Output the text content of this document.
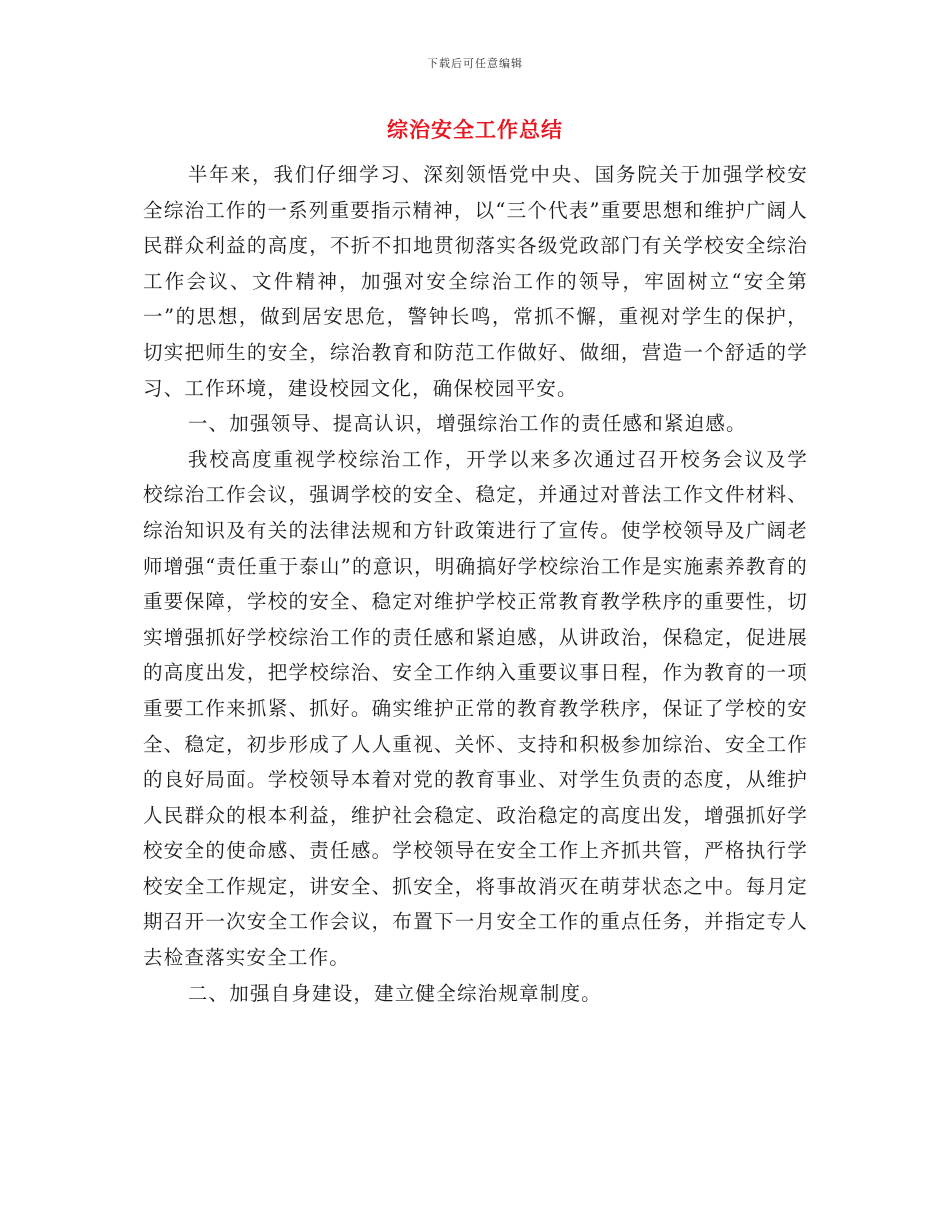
下载后可任意编辑
综治安全工作总结

半年来，我们仔细学习、深刻领悟党中央、国务院关于加强学校安全综治工作的一系列重要指示精神，以“三个代表”重要思想和维护广阔人民群众利益的高度，不折不扣地贯彻落实各级党政部门有关学校安全综治工作会议、文件精神，加强对安全综治工作的领导，牢固树立“安全第一”的思想，做到居安思危，警钟长鸣，常抓不懈，重视对学生的保护，切实把师生的安全，综治教育和防范工作做好、做细，营造一个舒适的学习、工作环境，建设校园文化，确保校园平安。

一、加强领导、提高认识，增强综治工作的责任感和紧迫感。

我校高度重视学校综治工作，开学以来多次通过召开校务会议及学校综治工作会议，强调学校的安全、稳定，并通过对普法工作文件材料、综治知识及有关的法律法规和方针政策进行了宣传。使学校领导及广阔老师增强“责任重于泰山”的意识，明确搞好学校综治工作是实施素养教育的重要保障，学校的安全、稳定对维护学校正常教育教学秩序的重要性，切实增强抓好学校综治工作的责任感和紧迫感，从讲政治，保稳定，促进展的高度出发，把学校综治、安全工作纳入重要议事日程，作为教育的一项重要工作来抓紧、抓好。确实维护正常的教育教学秩序，保证了学校的安全、稳定，初步形成了人人重视、关怀、支持和积极参加综治、安全工作的良好局面。学校领导本着对党的教育事业、对学生负责的态度，从维护人民群众的根本利益，维护社会稳定、政治稳定的高度出发，增强抓好学校安全的使命感、责任感。学校领导在安全工作上齐抓共管，严格执行学校安全工作规定，讲安全、抓安全，将事故消灭在萌芽状态之中。每月定期召开一次安全工作会议，布置下一月安全工作的重点任务，并指定专人去检查落实安全工作。

二、加强自身建设，建立健全综治规章制度。
